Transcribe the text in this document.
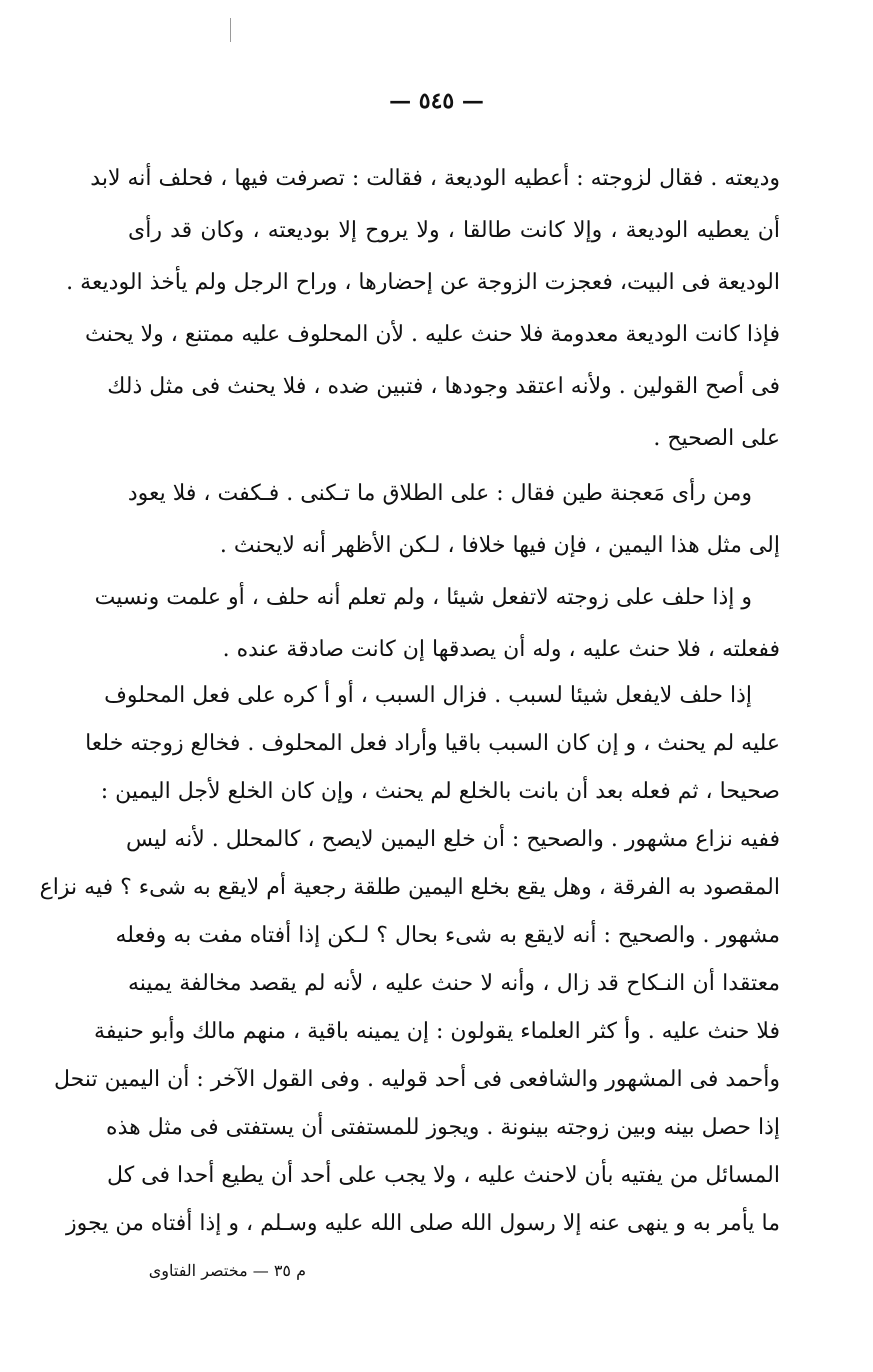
— ٥٤٥ —
وديعته . فقال لزوجته : أعطيه الوديعة ، فقالت : تصرفت فيها ، فحلف أنه لابد
أن يعطيه الوديعة ، وإلا كانت طالقا ، ولا يروح إلا بوديعته ، وكان قد رأى
الوديعة فى البيت، فعجزت الزوجة عن إحضارها ، وراح الرجل ولم يأخذ الوديعة .
فإذا كانت الوديعة معدومة فلا حنث عليه . لأن المحلوف عليه ممتنع ، ولا يحنث
فى أصح القولين . ولأنه اعتقد وجودها ، فتبين ضده ، فلا يحنث فى مثل ذلك
على الصحيح .
ومن رأى مَعجنة طين فقال : على الطلاق ما تـكنى . فـكفت ، فلا يعود
إلى مثل هذا اليمين ، فإن فيها خلافا ، لـكن الأظهر أنه لايحنث .
و إذا حلف على زوجته لاتفعل شيئا ، ولم تعلم أنه حلف ، أو علمت ونسيت
ففعلته ، فلا حنث عليه ، وله أن يصدقها إن كانت صادقة عنده .
إذا حلف لايفعل شيئا لسبب . فزال السبب ، أو أ كره على فعل المحلوف
عليه لم يحنث ، و إن كان السبب باقيا وأراد فعل المحلوف . فخالع زوجته خلعا
صحيحا ، ثم فعله بعد أن بانت بالخلع لم يحنث ، وإن كان الخلع لأجل اليمين :
ففيه نزاع مشهور . والصحيح : أن خلع اليمين لايصح ، كالمحلل . لأنه ليس
المقصود به الفرقة ، وهل يقع بخلع اليمين طلقة رجعية أم لايقع به شىء ؟ فيه نزاع
مشهور . والصحيح : أنه لايقع به شىء بحال ؟ لـكن إذا أفتاه مفت به وفعله
معتقدا أن النـكاح قد زال ، وأنه لا حنث عليه ، لأنه لم يقصد مخالفة يمينه
فلا حنث عليه . وأ كثر العلماء يقولون : إن يمينه باقية ، منهم مالك وأبو حنيفة
وأحمد فى المشهور والشافعى فى أحد قوليه . وفى القول الآخر : أن اليمين تنحل
إذا حصل بينه وبين زوجته بينونة . ويجوز للمستفتى أن يستفتى فى مثل هذه
المسائل من يفتيه بأن لاحنث عليه ، ولا يجب على أحد أن يطيع أحدا فى كل
ما يأمر به و ينهى عنه إلا رسول الله صلى الله عليه وسـلم ، و إذا أفتاه من يجوز
م ٣٥ — مختصر الفتاوى
